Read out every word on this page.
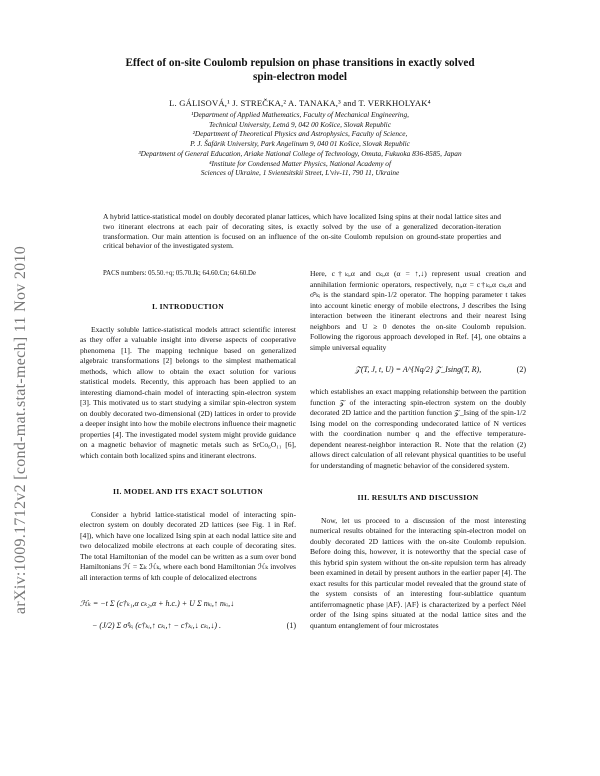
arXiv:1009.1712v2 [cond-mat.stat-mech] 11 Nov 2010
Effect of on-site Coulomb repulsion on phase transitions in exactly solved
spin-electron model
L. GÁLISOVÁ,¹ J. STREČKA,² A. TANAKA,³ and T. VERKHOLYAK⁴
¹Department of Applied Mathematics, Faculty of Mechanical Engineering,
Technical University, Letná 9, 042 00 Košice, Slovak Republic
²Department of Theoretical Physics and Astrophysics, Faculty of Science,
P. J. Šafárik University, Park Angelinum 9, 040 01 Košice, Slovak Republic
³Department of General Education, Ariake National College of Technology, Omuta, Fukuoka 836-8585, Japan
⁴Institute for Condensed Matter Physics, National Academy of
Sciences of Ukraine, 1 Svientsitskii Street, L'viv-11, 790 11, Ukraine

A hybrid lattice-statistical model on doubly decorated planar lattices, which have localized Ising spins at their nodal lattice sites and two itinerant electrons at each pair of decorating sites, is exactly solved by the use of a generalized decoration-iteration transformation. Our main attention is focused on an influence of the on-site Coulomb repulsion on ground-state properties and critical behavior of the investigated system.

PACS numbers: 05.50.+q; 05.70.Jk; 64.60.Cn; 64.60.De
I. INTRODUCTION

Exactly soluble lattice-statistical models attract scientific interest as they offer a valuable insight into diverse aspects of cooperative phenomena [1]. The mapping technique based on generalized algebraic transformations [2] belongs to the simplest mathematical methods, which allow to obtain the exact solution for various statistical models. Recently, this approach has been applied to an interesting diamond-chain model of interacting spin-electron system [3]. This motivated us to start studying a similar spin-electron system on doubly decorated two-dimensional (2D) lattices in order to provide a deeper insight into how the mobile electrons influence their magnetic properties [4]. The investigated model system might provide guidance on a magnetic behavior of magnetic metals such as SrCo₆O₁₁ [6], which contain both localized spins and itinerant electrons.

II. MODEL AND ITS EXACT SOLUTION

Consider a hybrid lattice-statistical model of interacting spin-electron system on doubly decorated 2D lattices (see Fig. 1 in Ref. [4]), which have one localized Ising spin at each nodal lattice site and two delocalized mobile electrons at each couple of decorating sites. The total Hamiltonian of the model can be written as a sum over bond Hamiltonians ℋ = Σₖ ℋₖ, where each bond Hamiltonian ℋₖ involves all interaction terms of kth couple of delocalized electrons

ℋₖ = −t Σ (c†ₖ₁,α cₖ₂,α + h.c.) + U Σ nₖᵢ,↑ nₖᵢ,↓
− (J/2) Σ σ̂ᶻₖᵢ (c†ₖᵢ,↑ cₖᵢ,↑ − c†ₖᵢ,↓ cₖᵢ,↓) .	(1)

Here, c†ₖᵢ,α and cₖᵢ,α (α = ↑,↓) represent usual creation and annihilation fermionic operators, respectively, nᵢ,α = c†ₖᵢ,α cₖᵢ,α and σ̂ᶻₖᵢ is the standard spin-1/2 operator. The hopping parameter t takes into account kinetic energy of mobile electrons, J describes the Ising interaction between the itinerant electrons and their nearest Ising neighbors and U ≥ 0 denotes the on-site Coulomb repulsion. Following the rigorous approach developed in Ref. [4], one obtains a simple universal equality

𝒵(T, J, t, U) = A^{Nq/2} 𝒵_Ising(T, R),	(2)

which establishes an exact mapping relationship between the partition function 𝒵 of the interacting spin-electron system on the doubly decorated 2D lattice and the partition function 𝒵_Ising of the spin-1/2 Ising model on the corresponding undecorated lattice of N vertices with the coordination number q and the effective temperature-dependent nearest-neighbor interaction R. Note that the relation (2) allows direct calculation of all relevant physical quantities to be useful for understanding of magnetic behavior of the considered system.

III. RESULTS AND DISCUSSION

Now, let us proceed to a discussion of the most interesting numerical results obtained for the interacting spin-electron model on doubly decorated 2D lattices with the on-site Coulomb repulsion. Before doing this, however, it is noteworthy that the special case of this hybrid spin system without the on-site repulsion term has already been examined in detail by present authors in the earlier paper [4]. The exact results for this particular model revealed that the ground state of the system consists of an interesting four-sublattice quantum antiferromagnetic phase |AF⟩. |AF⟩ is characterized by a perfect Néel order of the Ising spins situated at the nodal lattice sites and the quantum entanglement of four microstates
